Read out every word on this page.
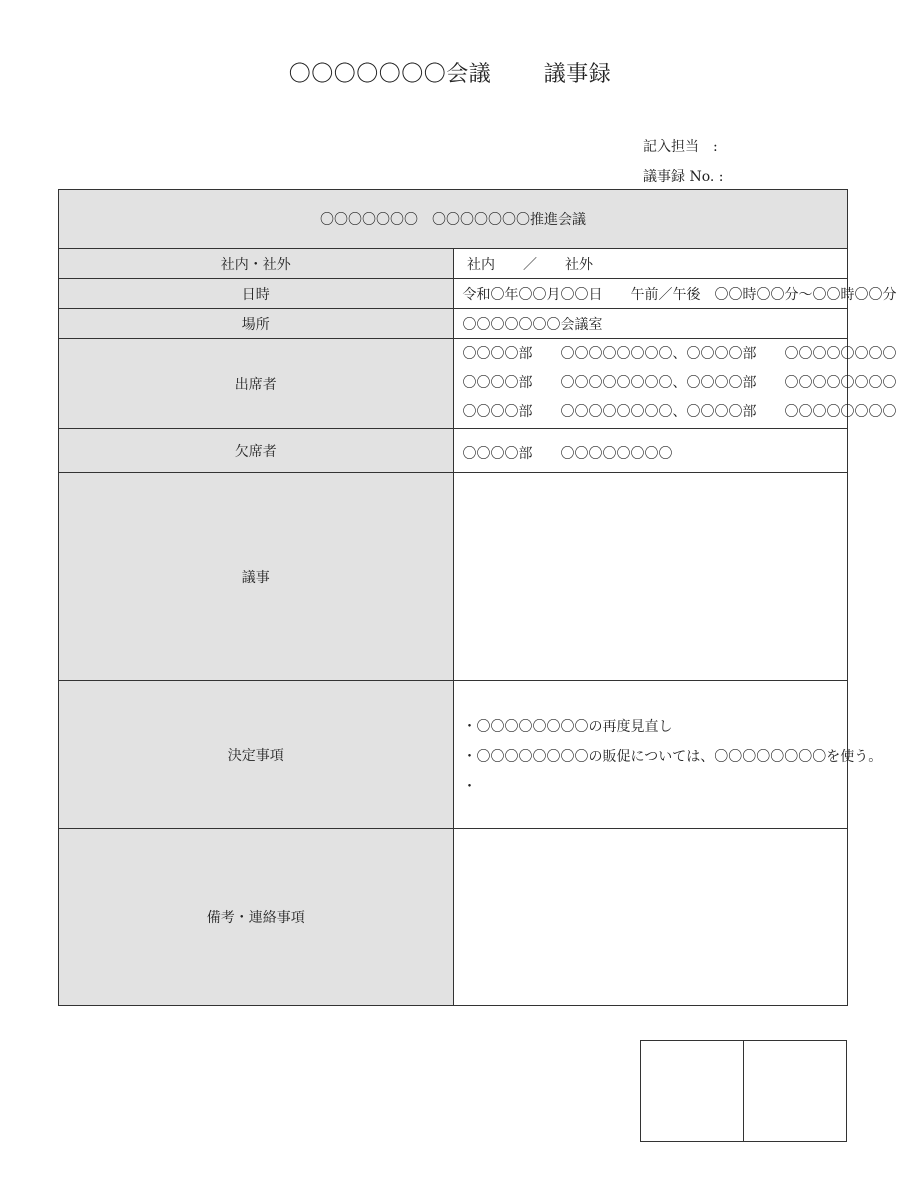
〇〇〇〇〇〇〇会議　　 議事録
記入担当　:
議事録 No. :
〇〇〇〇〇〇〇　〇〇〇〇〇〇〇推進会議	
社内・社外	社内　　／　　社外
日時	令和〇年〇〇月〇〇日　　午前／午後　〇〇時〇〇分〜〇〇時〇〇分
場所	〇〇〇〇〇〇〇会議室
出席者	〇〇〇〇部　　〇〇〇〇〇〇〇〇、〇〇〇〇部　　〇〇〇〇〇〇〇〇
〇〇〇〇部　　〇〇〇〇〇〇〇〇、〇〇〇〇部　　〇〇〇〇〇〇〇〇
〇〇〇〇部　　〇〇〇〇〇〇〇〇、〇〇〇〇部　　〇〇〇〇〇〇〇〇

欠席者	〇〇〇〇部　　〇〇〇〇〇〇〇〇
議事	
決定事項	・〇〇〇〇〇〇〇〇の再度見直し
・〇〇〇〇〇〇〇〇の販促については、〇〇〇〇〇〇〇〇を使う。
・

備考・連絡事項	
